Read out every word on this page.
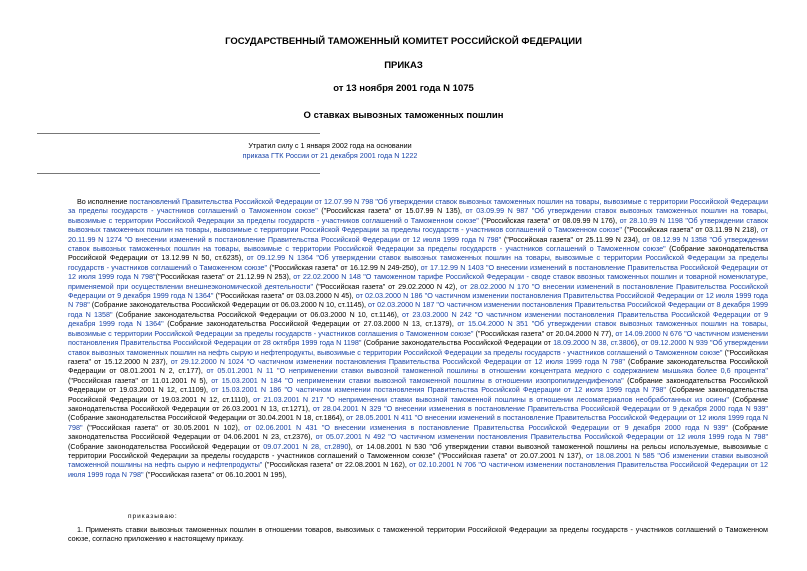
ГОСУДАРСТВЕННЫЙ ТАМОЖЕННЫЙ КОМИТЕТ РОССИЙСКОЙ ФЕДЕРАЦИИ
ПРИКАЗ
от 13 ноября 2001 года N 1075
О ставках вывозных таможенных пошлин
Утратил силу с 1 января 2002 года на основании
приказа ГТК России от 21 декабря 2001 года N 1222

Во исполнение постановлений Правительства Российской Федерации от 12.07.99 N 798 "Об утверждении ставок вывозных таможенных пошлин на товары, вывозимые с территории Российской Федерации за пределы государств - участников соглашений о Таможенном союзе" ("Российская газета" от 15.07.99 N 135), от 03.09.99 N 987 "Об утверждении ставок вывозных таможенных пошлин на товары, вывозимые с территории Российской Федерации за пределы государств - участников соглашений о Таможенном союзе" ("Российская газета" от 08.09.99 N 176), от 28.10.99 N 1198 "Об утверждении ставок вывозных таможенных пошлин на товары, вывозимые с территории Российской Федерации за пределы государств - участников соглашений о Таможенном союзе" ("Российская газета" от 03.11.99 N 218), от 20.11.99 N 1274 "О внесении изменений в постановление Правительства Российской Федерации от 12 июля 1999 года N 798" ("Российская газета" от 25.11.99 N 234), от 08.12.99 N 1358 "Об утверждении ставок вывозных таможенных пошлин на товары, вывозимые с территории Российской Федерации за пределы государств - участников соглашений о Таможенном союзе" (Собрание законодательства Российской Федерации от 13.12.99 N 50, ст.6235), от 09.12.99 N 1364 "Об утверждении ставок вывозных таможенных пошлин на товары, вывозимые с территории Российской Федерации за пределы государств - участников соглашений о Таможенном союзе" ("Российская газета" от 16.12.99 N 249-250), от 17.12.99 N 1403 "О внесении изменений в постановление Правительства Российской Федерации от 12 июля 1999 года N 798"("Российская газета" от 21.12.99 N 253), от 22.02.2000 N 148 "О таможенном тарифе Российской Федерации - своде ставок ввозных таможенных пошлин и товарной номенклатуре, применяемой при осуществлении внешнеэкономической деятельности" ("Российская газета" от 29.02.2000 N 42), от 28.02.2000 N 170 "О внесении изменений в постановление Правительства Российской Федерации от 9 декабря 1999 года N 1364" ("Российская газета" от 03.03.2000 N 45), от 02.03.2000 N 186 "О частичном изменении постановления Правительства Российской Федерации от 12 июля 1999 года N 798" (Собрание законодательства Российской Федерации от 06.03.2000 N 10, ст.1145), от 02.03.2000 N 187 "О частичном изменении постановления Правительства Российской Федерации от 8 декабря 1999 года N 1358" (Собрание законодательства Российской Федерации от 06.03.2000 N 10, ст.1146), от 23.03.2000 N 242 "О частичном изменении постановления Правительства Российской Федерации от 9 декабря 1999 года N 1364" (Собрание законодательства Российской Федерации от 27.03.2000 N 13, ст.1379), от 15.04.2000 N 351 "Об утверждении ставок вывозных таможенных пошлин на товары, вывозимые с территории Российской Федерации за пределы государств - участников соглашения о Таможенном союзе" ("Российская газета" от 20.04.2000 N 77), от 14.09.2000 N 676 "О частичном изменении постановления Правительства Российской Федерации от 28 октября 1999 года N 1198" (Собрание законодательства Российской Федерации от 18.09.2000 N 38, ст.3806), от 09.12.2000 N 939 "Об утверждении ставок вывозных таможенных пошлин на нефть сырую и нефтепродукты, вывозимые с территории Российской Федерации за пределы государств - участников соглашений о Таможенном союзе" ("Российская газета" от 15.12.2000 N 237), от 29.12.2000 N 1024 "О частичном изменении постановления Правительства Российской Федерации от 12 июля 1999 года N 798" (Собрание законодательства Российской Федерации от 08.01.2001 N 2, ст.177), от 05.01.2001 N 11 "О неприменении ставки вывозной таможенной пошлины в отношении концентрата медного с содержанием мышьяка более 0,6 процента" ("Российская газета" от 11.01.2001 N 5), от 15.03.2001 N 184 "О неприменении ставки вывозной таможенной пошлины в отношении изопропилидендифенола" (Собрание законодательства Российской Федерации от 19.03.2001 N 12, ст.1109), от 15.03.2001 N 186 "О частичном изменении постановления Правительства Российской Федерации от 12 июля 1999 года N 798" (Собрание законодательства Российской Федерации от 19.03.2001 N 12, ст.1110), от 21.03.2001 N 217 "О неприменении ставки вывозной таможенной пошлины в отношении лесоматериалов необработанных из осины" (Собрание законодательства Российской Федерации от 26.03.2001 N 13, ст.1271), от 28.04.2001 N 329 "О внесении изменения в постановление Правительства Российской Федерации от 9 декабря 2000 года N 939" (Собрание законодательства Российской Федерации от 30.04.2001 N 18, ст.1864), от 28.05.2001 N 411 "О внесении изменений в постановление Правительства Российской Федерации от 12 июля 1999 года N 798" ("Российская газета" от 30.05.2001 N 102), от 02.06.2001 N 431 "О внесении изменения в постановление Правительства Российской Федерации от 9 декабря 2000 года N 939" (Собрание законодательства Российской Федерации от 04.06.2001 N 23, ст.2376), от 05.07.2001 N 492 "О частичном изменении постановления Правительства Российской Федерации от 12 июля 1999 года N 798" (Собрание законодательства Российской Федерации от 09.07.2001 N 28, ст.2890), от 14.08.2001 N 530 "Об утверждении ставки вывозной таможенной пошлины на рельсы используемые, вывозимые с территории Российской Федерации за пределы государств - участников соглашений о Таможенном союзе" ("Российская газета" от 20.07.2001 N 137), от 18.08.2001 N 585 "Об изменении ставки вывозной таможенной пошлины на нефть сырую и нефтепродукты" ("Российская газета" от 22.08.2001 N 162), от 02.10.2001 N 706 "О частичном изменении постановления Правительства Российской Федерации от 12 июля 1999 года N 798" ("Российская газета" от 06.10.2001 N 195),

приказываю:

1. Применять ставки вывозных таможенных пошлин в отношении товаров, вывозимых с таможенной территории Российской Федерации за пределы государств - участников соглашений о Таможенном союзе, согласно приложению к настоящему приказу.
